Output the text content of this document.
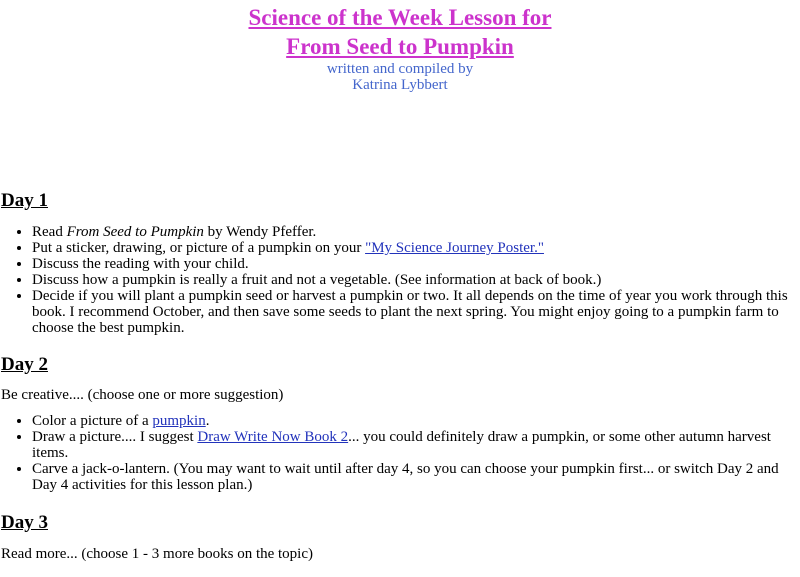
Science of the Week Lesson for
From Seed to Pumpkin
written and compiled by
Katrina Lybbert
Day 1
• Read From Seed to Pumpkin by Wendy Pfeffer.
• Put a sticker, drawing, or picture of a pumpkin on your "My Science Journey Poster."
• Discuss the reading with your child.
• Discuss how a pumpkin is really a fruit and not a vegetable. (See information at back of book.)
• Decide if you will plant a pumpkin seed or harvest a pumpkin or two. It all depends on the time of year you work through this book. I recommend October, and then save some seeds to plant the next spring. You might enjoy going to a pumpkin farm to choose the best pumpkin.
Day 2

Be creative.... (choose one or more suggestion)

• Color a picture of a pumpkin.
• Draw a picture.... I suggest Draw Write Now Book 2... you could definitely draw a pumpkin, or some other autumn harvest items.
• Carve a jack-o-lantern. (You may want to wait until after day 4, so you can choose your pumpkin first... or switch Day 2 and Day 4 activities for this lesson plan.)
Day 3

Read more... (choose 1 - 3 more books on the topic)
